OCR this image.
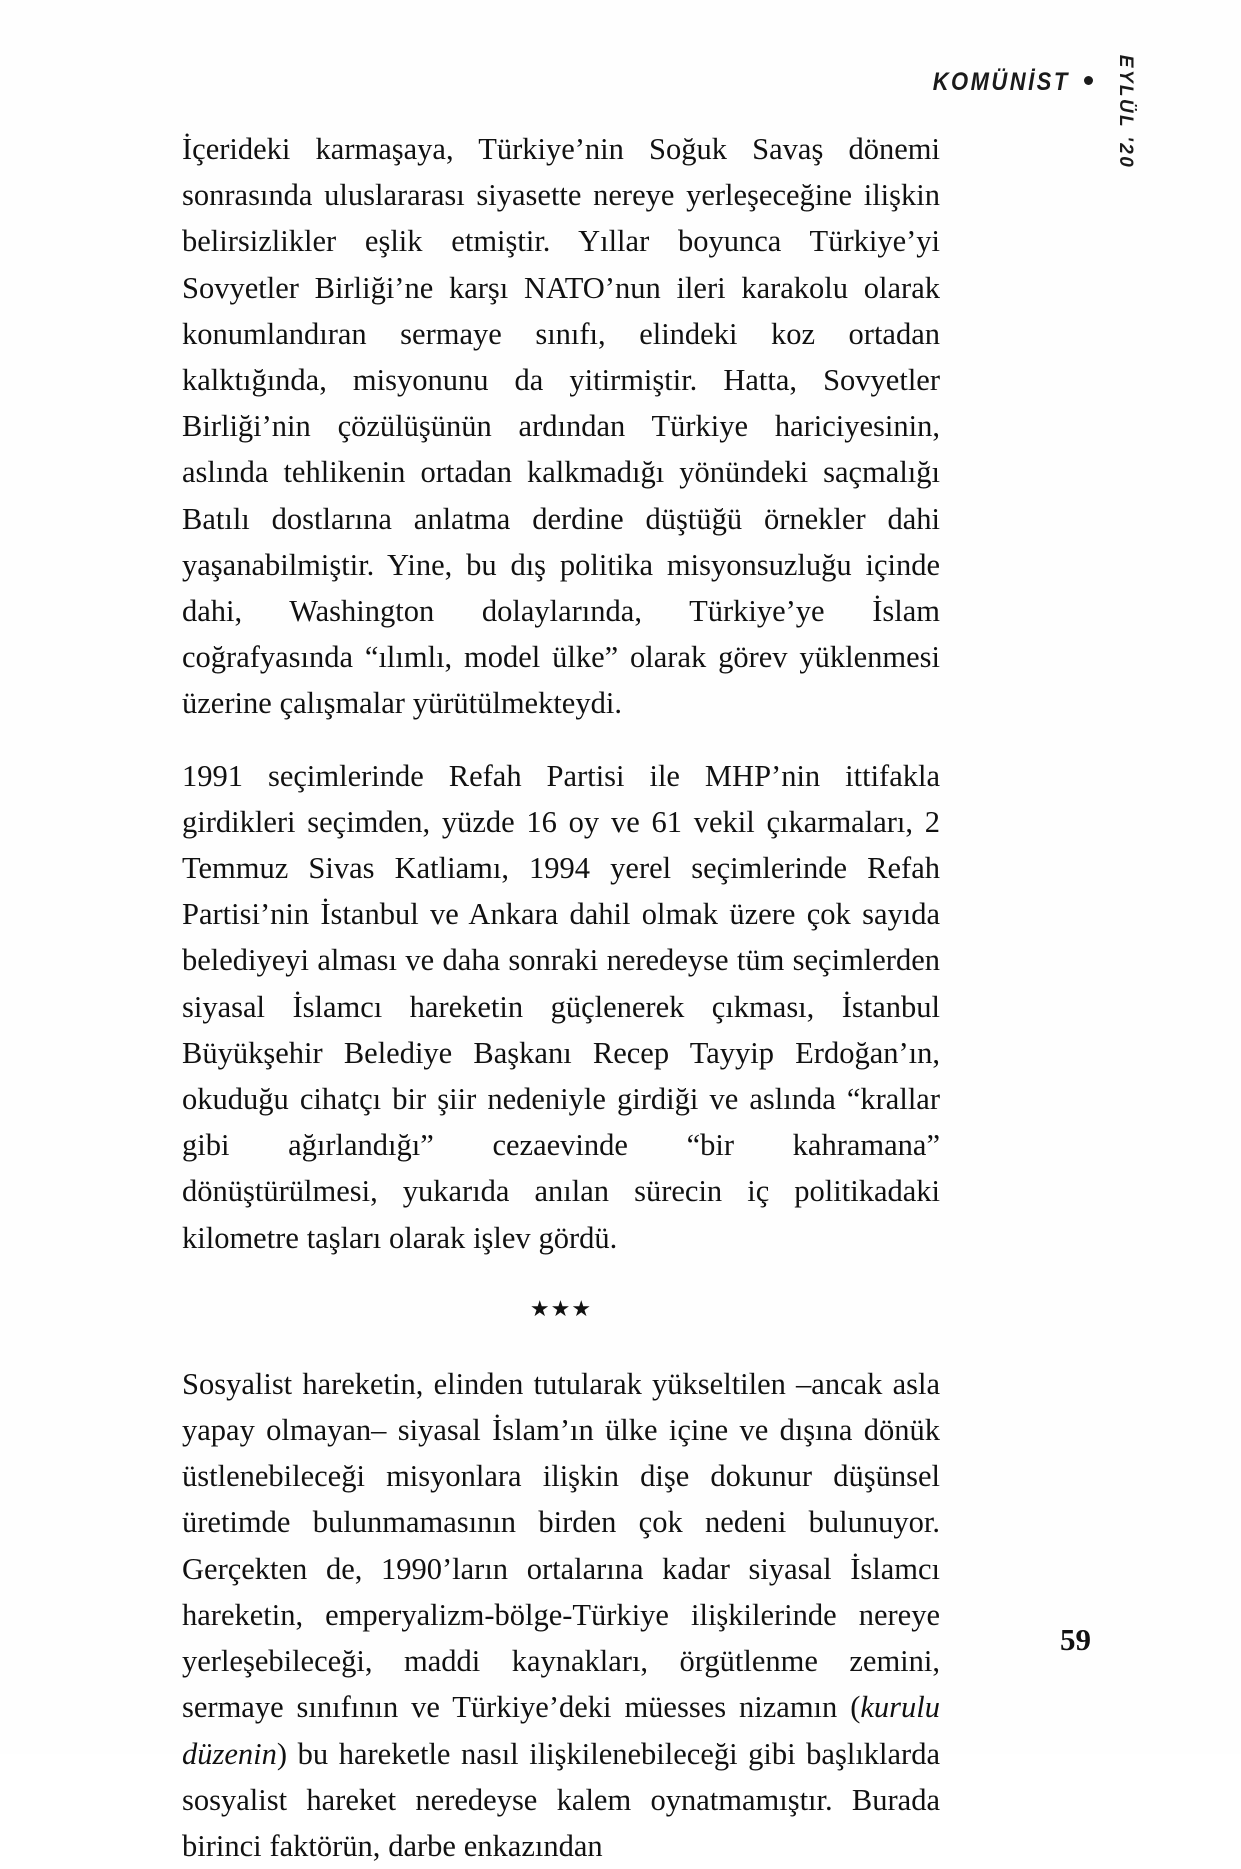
KOMÜNİST EYLÜL '20

İçerideki karmaşaya, Türkiye’nin Soğuk Savaş dönemi sonrasında uluslararası siyasette nereye yerleşeceğine ilişkin belirsizlikler eşlik etmiştir. Yıllar boyunca Türkiye’yi Sovyetler Birliği’ne karşı NATO’nun ileri karakolu olarak konumlandıran sermaye sınıfı, elindeki koz ortadan kalktığında, misyonunu da yitirmiştir. Hatta, Sovyetler Birliği’nin çözülüşünün ardından Türkiye hariciyesinin, aslında tehlikenin ortadan kalkmadığı yönündeki saçmalığı Batılı dostlarına anlatma derdine düştüğü örnekler dahi yaşanabilmiştir. Yine, bu dış politika misyonsuzluğu içinde dahi, Washington dolaylarında, Türkiye’ye İslam coğrafyasında “ılımlı, model ülke” olarak görev yüklenmesi üzerine çalışmalar yürütülmekteydi.

1991 seçimlerinde Refah Partisi ile MHP’nin ittifakla girdikleri seçimden, yüzde 16 oy ve 61 vekil çıkarmaları, 2 Temmuz Sivas Katliamı, 1994 yerel seçimlerinde Refah Partisi’nin İstanbul ve Ankara dahil olmak üzere çok sayıda belediyeyi alması ve daha sonraki neredeyse tüm seçimlerden siyasal İslamcı hareketin güçlenerek çıkması, İstanbul Büyükşehir Belediye Başkanı Recep Tayyip Erdoğan’ın, okuduğu cihatçı bir şiir nedeniyle girdiği ve aslında “krallar gibi ağırlandığı” cezaevinde “bir kahramana” dönüştürülmesi, yukarıda anılan sürecin iç politikadaki kilometre taşları olarak işlev gördü.

★★★

Sosyalist hareketin, elinden tutularak yükseltilen –ancak asla yapay olmayan– siyasal İslam’ın ülke içine ve dışına dönük üstlenebileceği misyonlara ilişkin dişe dokunur düşünsel üretimde bulunmamasının birden çok nedeni bulunuyor. Gerçekten de, 1990’ların ortalarına kadar siyasal İslamcı hareketin, emperyalizm-bölge-Türkiye ilişkilerinde nereye yerleşebileceği, maddi kaynakları, örgütlenme zemini, sermaye sınıfının ve Türkiye’deki müesses nizamın (kurulu düzenin) bu hareketle nasıl ilişkilenebileceği gibi başlıklarda sosyalist hareket neredeyse kalem oynatmamıştır. Burada birinci faktörün, darbe enkazından

59
